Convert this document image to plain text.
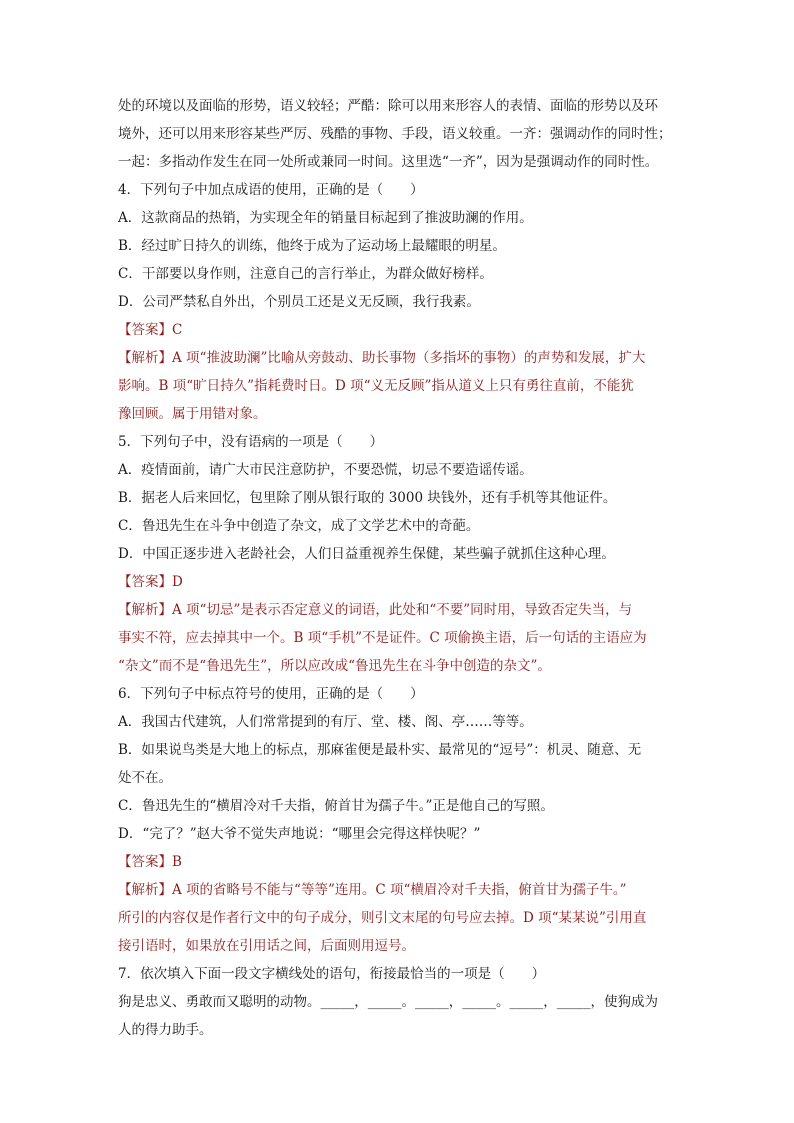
处的环境以及面临的形势，语义较轻；严酷：除可以用来形容人的表情、面临的形势以及环
境外，还可以用来形容某些严厉、残酷的事物、手段，语义较重。一齐：强调动作的同时性；
一起：多指动作发生在同一处所或兼同一时间。这里选“一齐”，因为是强调动作的同时性。
4．下列句子中加点成语的使用，正确的是（　　）
A．这款商品的热销，为实现全年的销量目标起到了推波助澜的作用。
B．经过旷日持久的训练，他终于成为了运动场上最耀眼的明星。
C．干部要以身作则，注意自己的言行举止，为群众做好榜样。
D．公司严禁私自外出，个别员工还是义无反顾，我行我素。
【答案】C
【解析】A 项“推波助澜”比喻从旁鼓动、助长事物（多指坏的事物）的声势和发展，扩大
影响。B 项“旷日持久”指耗费时日。D 项“义无反顾”指从道义上只有勇往直前，不能犹
豫回顾。属于用错对象。
5．下列句子中，没有语病的一项是（　　）
A．疫情面前，请广大市民注意防护，不要恐慌，切忌不要造谣传谣。
B．据老人后来回忆，包里除了刚从银行取的 3000 块钱外，还有手机等其他证件。
C．鲁迅先生在斗争中创造了杂文，成了文学艺术中的奇葩。
D．中国正逐步进入老龄社会，人们日益重视养生保健，某些骗子就抓住这种心理。
【答案】D
【解析】A 项“切忌”是表示否定意义的词语，此处和“不要”同时用，导致否定失当，与
事实不符，应去掉其中一个。B 项“手机”不是证件。C 项偷换主语，后一句话的主语应为
“杂文”而不是“鲁迅先生”，所以应改成“鲁迅先生在斗争中创造的杂文”。
6．下列句子中标点符号的使用，正确的是（　　）
A．我国古代建筑，人们常常提到的有厅、堂、楼、阁、亭……等等。
B．如果说鸟类是大地上的标点，那麻雀便是最朴实、最常见的“逗号”：机灵、随意、无
处不在。
C．鲁迅先生的“横眉冷对千夫指，俯首甘为孺子牛。”正是他自己的写照。
D．“完了？”赵大爷不觉失声地说：“哪里会完得这样快呢？”
【答案】B
【解析】A 项的省略号不能与“等等”连用。C 项“横眉冷对千夫指，俯首甘为孺子牛。”
所引的内容仅是作者行文中的句子成分，则引文末尾的句号应去掉。D 项“某某说”引用直
接引语时，如果放在引用话之间，后面则用逗号。
7．依次填入下面一段文字横线处的语句，衔接最恰当的一项是（　　）
狗是忠义、勇敢而又聪明的动物。_____，_____。_____，_____。_____，_____，使狗成为
人的得力助手。
